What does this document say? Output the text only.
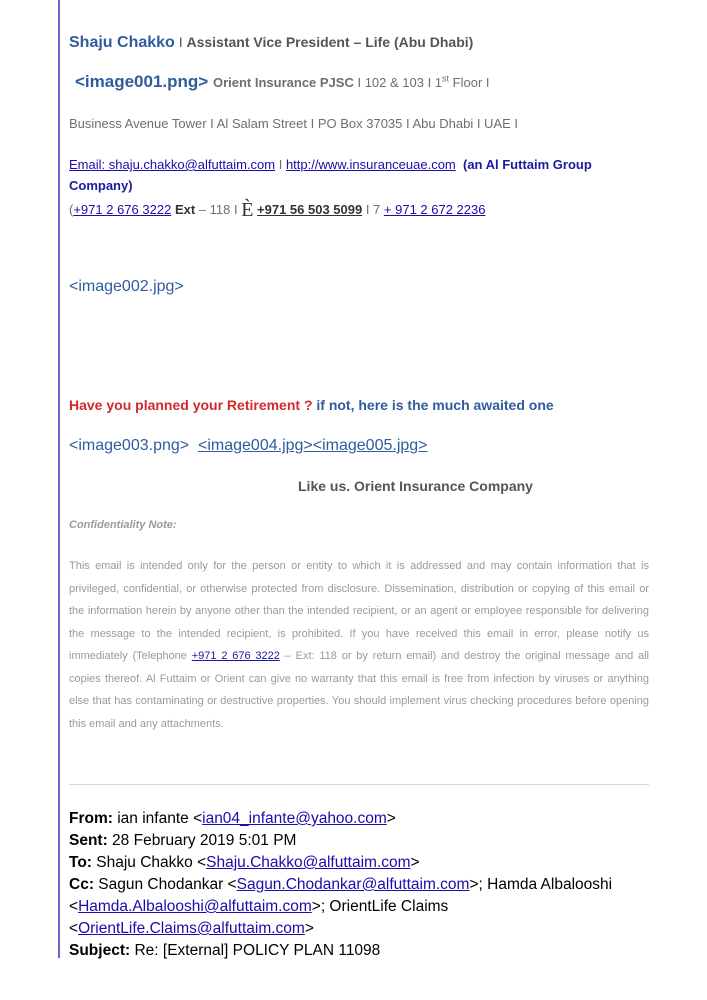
Shaju Chakko I Assistant Vice President – Life (Abu Dhabi)
<image001.png> Orient Insurance PJSC I 102 & 103 I 1st Floor I
Business Avenue Tower I Al Salam Street I PO Box 37035 I Abu Dhabi I UAE I
Email: shaju.chakko@alfuttaim.com I http://www.insuranceuae.com (an Al Futtaim Group Company)
(+971 2 676 3222 Ext – 118 I È +971 56 503 5099 I 7 + 971 2 672 2236
<image002.jpg>
Have you planned your Retirement ? if not, here is the much awaited one
<image003.png> <image004.jpg><image005.jpg>
Like us. Orient Insurance Company
Confidentiality Note:
This email is intended only for the person or entity to which it is addressed and may contain information that is privileged, confidential, or otherwise protected from disclosure. Dissemination, distribution or copying of this email or the information herein by anyone other than the intended recipient, or an agent or employee responsible for delivering the message to the intended recipient, is prohibited. If you have received this email in error, please notify us immediately (Telephone +971 2 676 3222 – Ext: 118 or by return email) and destroy the original message and all copies thereof. Al Futtaim or Orient can give no warranty that this email is free from infection by viruses or anything else that has contaminating or destructive properties. You should implement virus checking procedures before opening this email and any attachments.
From: ian infante <ian04_infante@yahoo.com>
Sent: 28 February 2019 5:01 PM
To: Shaju Chakko <Shaju.Chakko@alfuttaim.com>
Cc: Sagun Chodankar <Sagun.Chodankar@alfuttaim.com>; Hamda Albalooshi
<Hamda.Albalooshi@alfuttaim.com>; OrientLife Claims
<OrientLife.Claims@alfuttaim.com>
Subject: Re: [External] POLICY PLAN 11098
